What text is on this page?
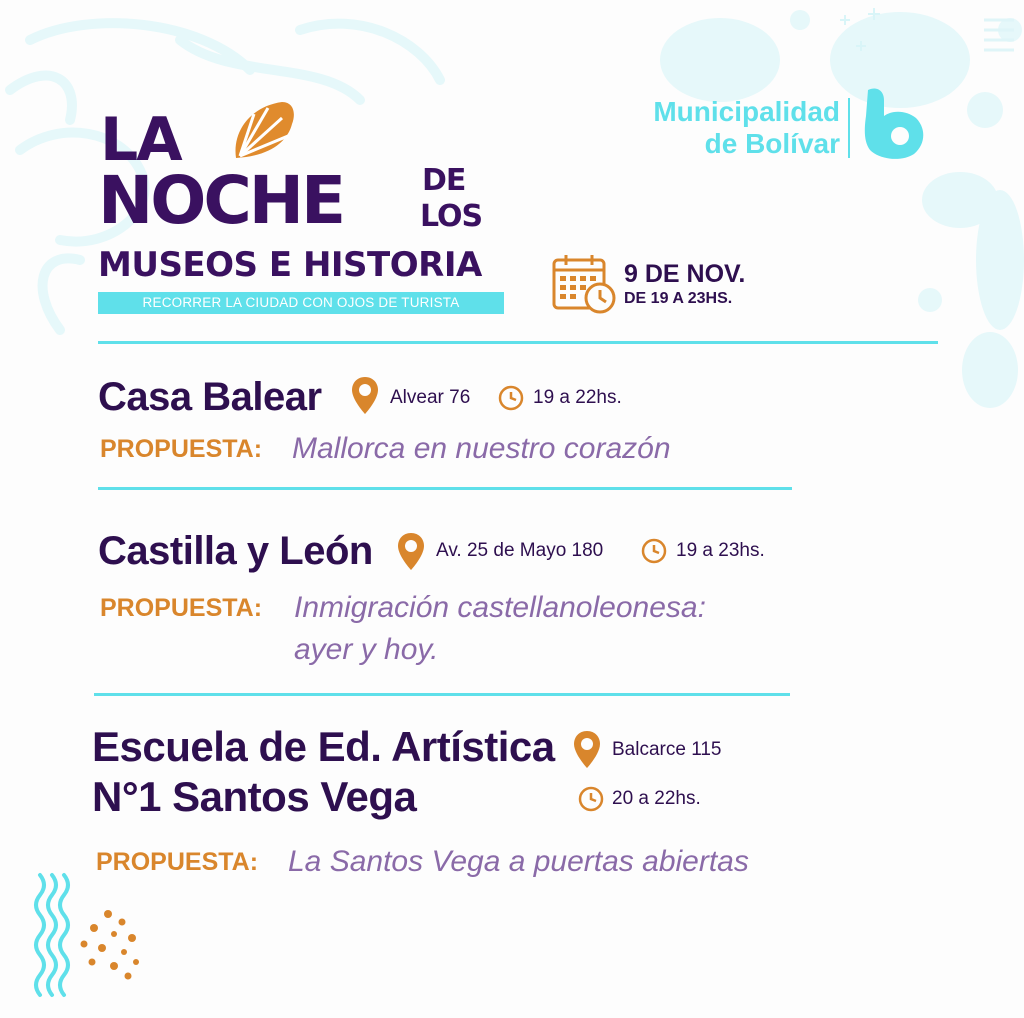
LA
NOCHE	DE
LOS
MUSEOS E HISTORIA
RECORRER LA CIUDAD CON OJOS DE TURISTA
Municipalidad
de Bolívar
9 DE NOV.
DE 19 A 23HS.
Casa Balear	Alvear 76	19 a 22hs.
PROPUESTA: Mallorca en nuestro corazón
Castilla y León	Av. 25 de Mayo 180	19 a 23hs.
PROPUESTA: Inmigración castellanoleonesa:
ayer y hoy.
Escuela de Ed. Artística
N°1 Santos Vega
Balcarce 115
20 a 22hs.
PROPUESTA: La Santos Vega a puertas abiertas
